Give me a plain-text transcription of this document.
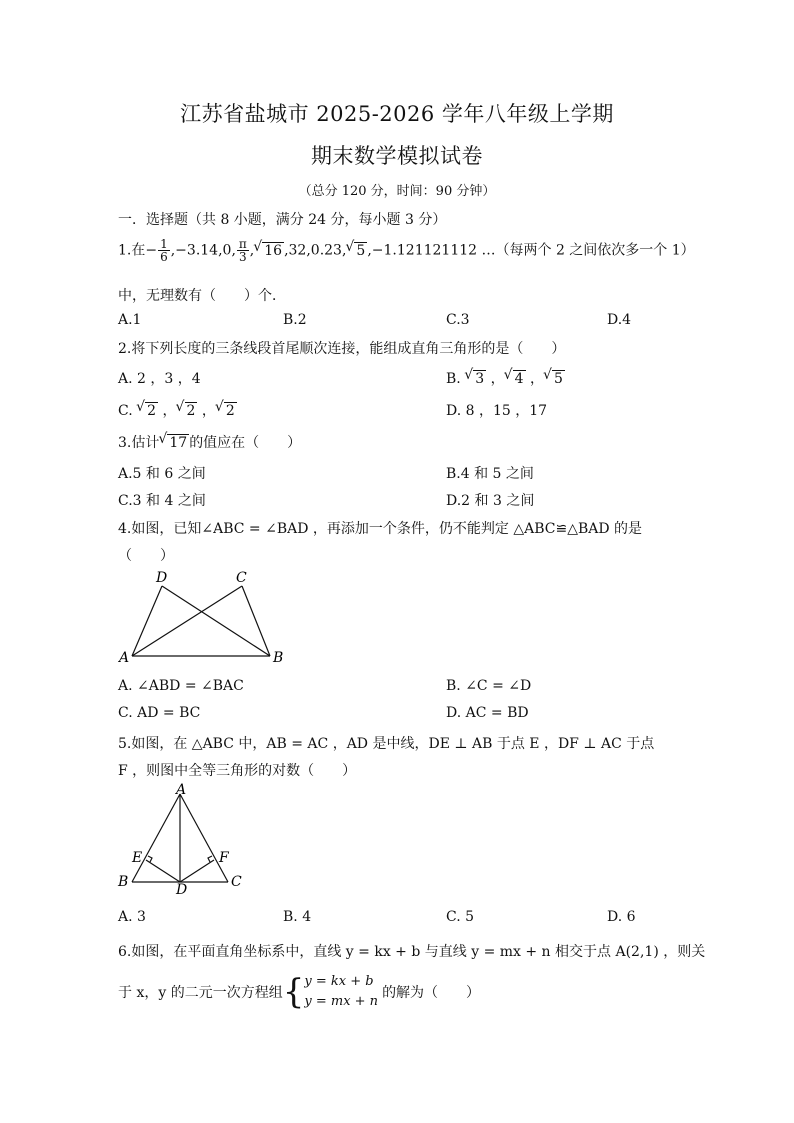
江苏省盐城市 2025-2026 学年八年级上学期
期末数学模拟试卷
（总分 120 分，时间：90 分钟）
一．选择题（共 8 小题，满分 24 分，每小题 3 分）
1.在− $\frac{1}{6} ,-3.14,0$, $\frac{\pi}{3}$ , √ 16 ,32,0.23, √ 5 ,−1.121121112 …（每两个 2 之间依次多一个 1）
中，无理数有（　　）个．
A.1	B.2	C.3	D.4
2.将下列长度的三条线段首尾顺次连接，能组成直角三角形的是（　　）
A. 2 ，3 ，4	B. √ 3 ， √ 4 ， √ 5
C. √ 2 ， √ 2 ， √ 2	D. 8 ，15 ，17
3.估计 √ 17 的值应在（　　）
A.5 和 6 之间	B.4 和 5 之间
C.3 和 4 之间	D.2 和 3 之间
4.如图，已知∠ABC = ∠BAD ，再添加一个条件，仍不能判定 △ABC≌△BAD 的是
（　　）
D	C
A	B
A. ∠ABD = ∠BAC	B. ∠C = ∠D
C. AD = BC	D. AC = BD
5.如图，在 △ABC 中，AB = AC ，AD 是中线，DE ⊥ AB 于点 E ，DF ⊥ AC 于点
F ，则图中全等三角形的对数（　　）
A
B	D	C
E	F
A. 3	B. 4	C. 5	D. 6
6.如图，在平面直角坐标系中，直线 y = kx + b 与直线 y = mx + n 相交于点 A(2,1) ，则关
于 x，y 的二元一次方程组 { y = kx + b
y = mx + n
的解为（　　）
